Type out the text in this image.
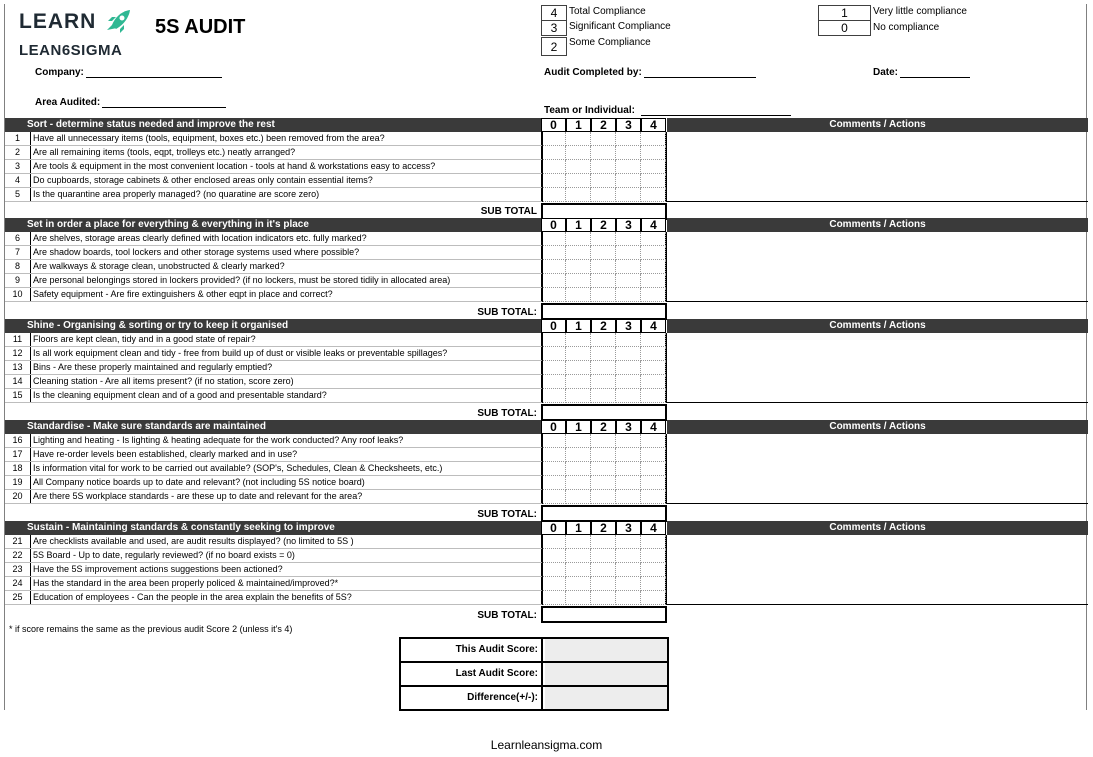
LEARN
LEAN6SIGMA
5S AUDIT
4	Total Compliance
3	Significant Compliance
2	Some Compliance
1	Very little compliance
0	No compliance
Company:	Audit Completed by:	Date:
Area Audited:
Team or Individual:
Sort - determine status needed and improve the rest	0	1	2	3	4	Comments / Actions
1	Have all unnecessary items (tools, equipment, boxes etc.) been removed from the area?
2	Are all remaining items (tools, eqpt, trolleys etc.) neatly arranged?
3	Are tools & equipment in the most convenient location - tools at hand & workstations easy to access?
4	Do cupboards, storage cabinets & other enclosed areas only contain essential items?
5	Is the quarantine area properly managed? (no quaratine are score zero)
SUB TOTAL
Set in order a place for everything & everything in it's place	0	1	2	3	4	Comments / Actions
6	Are shelves, storage areas clearly defined with location indicators etc. fully marked?
7	Are shadow boards, tool lockers and other storage systems used where possible?
8	Are walkways & storage clean, unobstructed & clearly marked?
9	Are personal belongings stored in lockers provided? (if no lockers, must be stored tidily in allocated area)
10	Safety equipment - Are fire extinguishers & other eqpt in place and correct?
SUB TOTAL:
Shine - Organising & sorting or try to keep it organised	0	1	2	3	4	Comments / Actions
11	Floors are kept clean, tidy and in a good state of repair?
12	Is all work equipment clean and tidy - free from build up of dust or visible leaks or preventable spillages?
13	Bins - Are these properly maintained and regularly emptied?
14	Cleaning station - Are all items present? (if no station, score zero)
15	Is the cleaning equipment clean and of a good and presentable standard?
SUB TOTAL:
Standardise - Make sure standards are maintained	0	1	2	3	4	Comments / Actions
16	Lighting and heating - Is lighting & heating adequate for the work conducted? Any roof leaks?
17	Have re-order levels been established, clearly marked and in use?
18	Is information vital for work to be carried out available? (SOP's, Schedules, Clean & Checksheets, etc.)
19	All Company notice boards up to date and relevant? (not including 5S notice board)
20	Are there 5S workplace standards - are these up to date and relevant for the area?
SUB TOTAL:
Sustain - Maintaining standards & constantly seeking to improve	0	1	2	3	4	Comments / Actions
21	Are checklists available and used, are audit results displayed? (no limited to 5S )
22	5S Board - Up to date, regularly reviewed? (if no board exists = 0)
23	Have the 5S improvement actions suggestions been actioned?
24	Has the standard in the area been properly policed & maintained/improved?*
25	Education of employees - Can the people in the area explain the benefits of 5S?
SUB TOTAL:
* if score remains the same as the previous audit Score 2 (unless it's 4)
This Audit Score:
Last Audit Score:
Difference(+/-):
Learnleansigma.com
